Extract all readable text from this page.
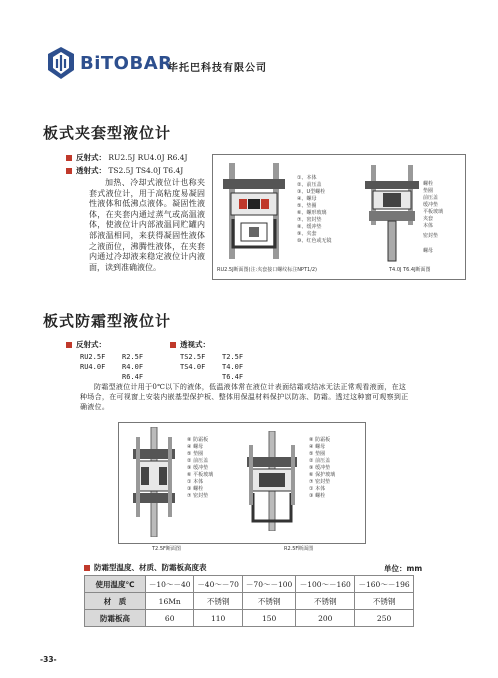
BiTOBAR
毕托巴科技有限公司
板式夹套型液位计
反射式： RU2.5J RU4.0J R6.4J
透射式： TS2.5J TS4.0J T6.4J
加热、冷却式液位计也称夹套式液位计，用于高粘度易凝固性液体和低沸点液体。凝固性液体，在夹套内通过蒸气或高温液体，使液位计内部液温同贮罐内部液温相同，来获得凝固性液体之液面位，沸腾性液体，在夹套内通过冷却液来稳定液位计内液面，读到准确液位。
①、本体
②、前压盖
③、U型螺栓
④、螺母
⑤、垫圈
⑥、螺形玻璃
⑦、密封垫
⑧、缓冲垫
⑨、夹套
⑩、红色或无镜
螺栓
垫圈
前压盖
缓冲垫
平板玻璃
夹套
本体
密封垫
螺母
RU2.5J断面图(注:夹套接口螺纹标注NPT1/2)	T4.0J T6.4J断面图
板式防霜型液位计
反射式：
RU2.5F
RU4.0F
R2.5F
R4.0F
R6.4F
透视式：
TS2.5F
TS4.0F
T2.5F
T4.0F
T6.4F
防霜型液位计用于0℃以下的液体，低温液体常在液位计表面结霜或结冰无法正常观看液面，在这种场合，在可视窗上安装内嵌基型保护板、整体用保温材料保护以防冻、防霜。透过这种窗可观察到正确液位。
⑧ 防霜板
④ 螺母
⑤ 垫圈
② 前压盖
⑨ 缓冲垫
⑥ 平板玻璃
① 本体
③ 螺栓
⑦ 密封垫
⑧ 防霜板
④ 螺母
⑤ 垫圈
② 前压盖
⑨ 缓冲垫
⑥ 保护玻璃
⑦ 密封垫
① 本体
③ 螺栓
T2.5F断面图	R2.5F断面图
防霜型温度、材质、防霜板高度表	单位：mm
使用温度℃	－10～－40	－40～－70	－70～－100	－100～－160	－160～－196
材　质	16Mn	不锈钢	不锈钢	不锈钢	不锈钢
防霜板高	60	110	150	200	250
-33-
